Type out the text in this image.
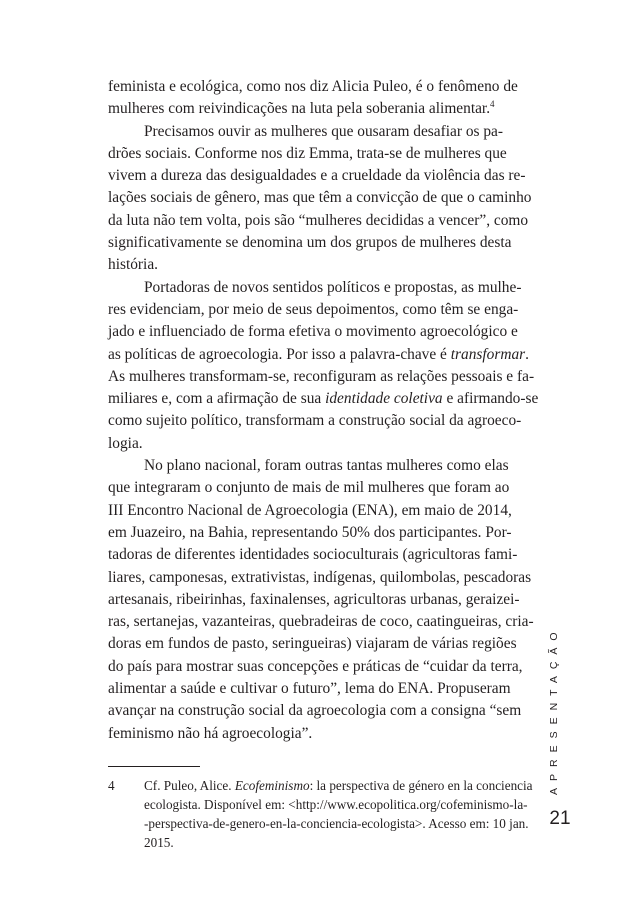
feminista e ecológica, como nos diz Alicia Puleo, é o fenômeno de
mulheres com reivindicações na luta pela soberania alimentar.$^4$
Precisamos ouvir as mulheres que ousaram desafiar os pa-
drões sociais. Conforme nos diz Emma, trata-se de mulheres que
vivem a dureza das desigualdades e a crueldade da violência das re-
lações sociais de gênero, mas que têm a convicção de que o caminho
da luta não tem volta, pois são “mulheres decididas a vencer”, como
significativamente se denomina um dos grupos de mulheres desta
história.
Portadoras de novos sentidos políticos e propostas, as mulhe-
res evidenciam, por meio de seus depoimentos, como têm se enga-
jado e influenciado de forma efetiva o movimento agroecológico e
as políticas de agroecologia. Por isso a palavra-chave é transformar.
As mulheres transformam-se, reconfiguram as relações pessoais e fa-
miliares e, com a afirmação de sua identidade coletiva e afirmando-se
como sujeito político, transformam a construção social da agroeco-
logia.
No plano nacional, foram outras tantas mulheres como elas
que integraram o conjunto de mais de mil mulheres que foram ao
III Encontro Nacional de Agroecologia (ENA), em maio de 2014,
em Juazeiro, na Bahia, representando 50% dos participantes. Por-
tadoras de diferentes identidades socioculturais (agricultoras fami-
liares, camponesas, extrativistas, indígenas, quilombolas, pescadoras
artesanais, ribeirinhas, faxinalenses, agricultoras urbanas, geraizei-
ras, sertanejas, vazanteiras, quebradeiras de coco, caatingueiras, cria-
doras em fundos de pasto, seringueiras) viajaram de várias regiões
do país para mostrar suas concepções e práticas de “cuidar da terra,
alimentar a saúde e cultivar o futuro”, lema do ENA. Propuseram
avançar na construção social da agroecologia com a consigna “sem
feminismo não há agroecologia”.
4 Cf. Puleo, Alice. Ecofeminismo: la perspectiva de género en la conciencia
ecologista. Disponível em: <http://www.ecopolitica.org/cofeminismo-la-
-perspectiva-de-genero-en-la-conciencia-ecologista>. Acesso em: 10 jan.
2015.
APRESENTAÇÃO
21
